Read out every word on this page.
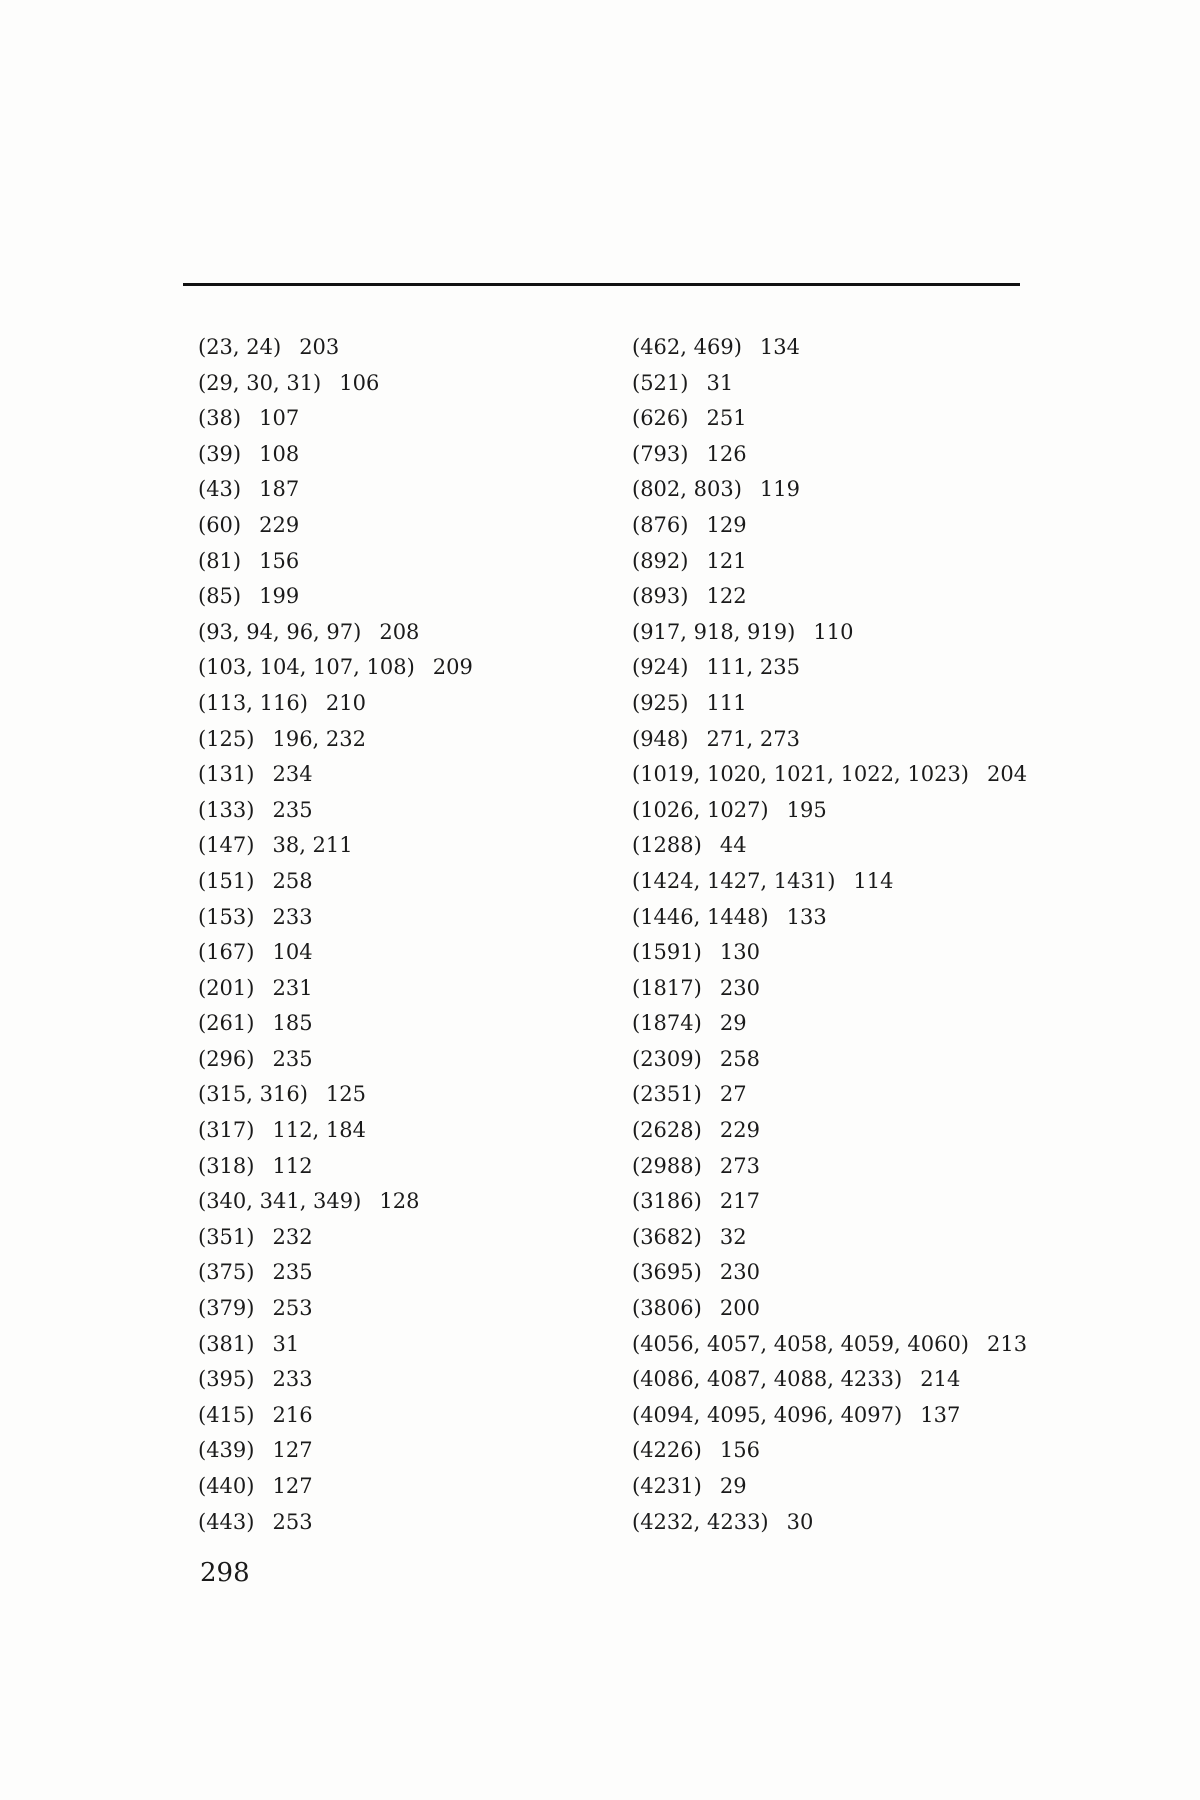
(23, 24) 203
(29, 30, 31) 106
(38) 107
(39) 108
(43) 187
(60) 229
(81) 156
(85) 199
(93, 94, 96, 97) 208
(103, 104, 107, 108) 209
(113, 116) 210
(125) 196, 232
(131) 234
(133) 235
(147) 38, 211
(151) 258
(153) 233
(167) 104
(201) 231
(261) 185
(296) 235
(315, 316) 125
(317) 112, 184
(318) 112
(340, 341, 349) 128
(351) 232
(375) 235
(379) 253
(381) 31
(395) 233
(415) 216
(439) 127
(440) 127
(443) 253
(462, 469) 134
(521) 31
(626) 251
(793) 126
(802, 803) 119
(876) 129
(892) 121
(893) 122
(917, 918, 919) 110
(924) 111, 235
(925) 111
(948) 271, 273
(1019, 1020, 1021, 1022, 1023) 204
(1026, 1027) 195
(1288) 44
(1424, 1427, 1431) 114
(1446, 1448) 133
(1591) 130
(1817) 230
(1874) 29
(2309) 258
(2351) 27
(2628) 229
(2988) 273
(3186) 217
(3682) 32
(3695) 230
(3806) 200
(4056, 4057, 4058, 4059, 4060) 213
(4086, 4087, 4088, 4233) 214
(4094, 4095, 4096, 4097) 137
(4226) 156
(4231) 29
(4232, 4233) 30
298
